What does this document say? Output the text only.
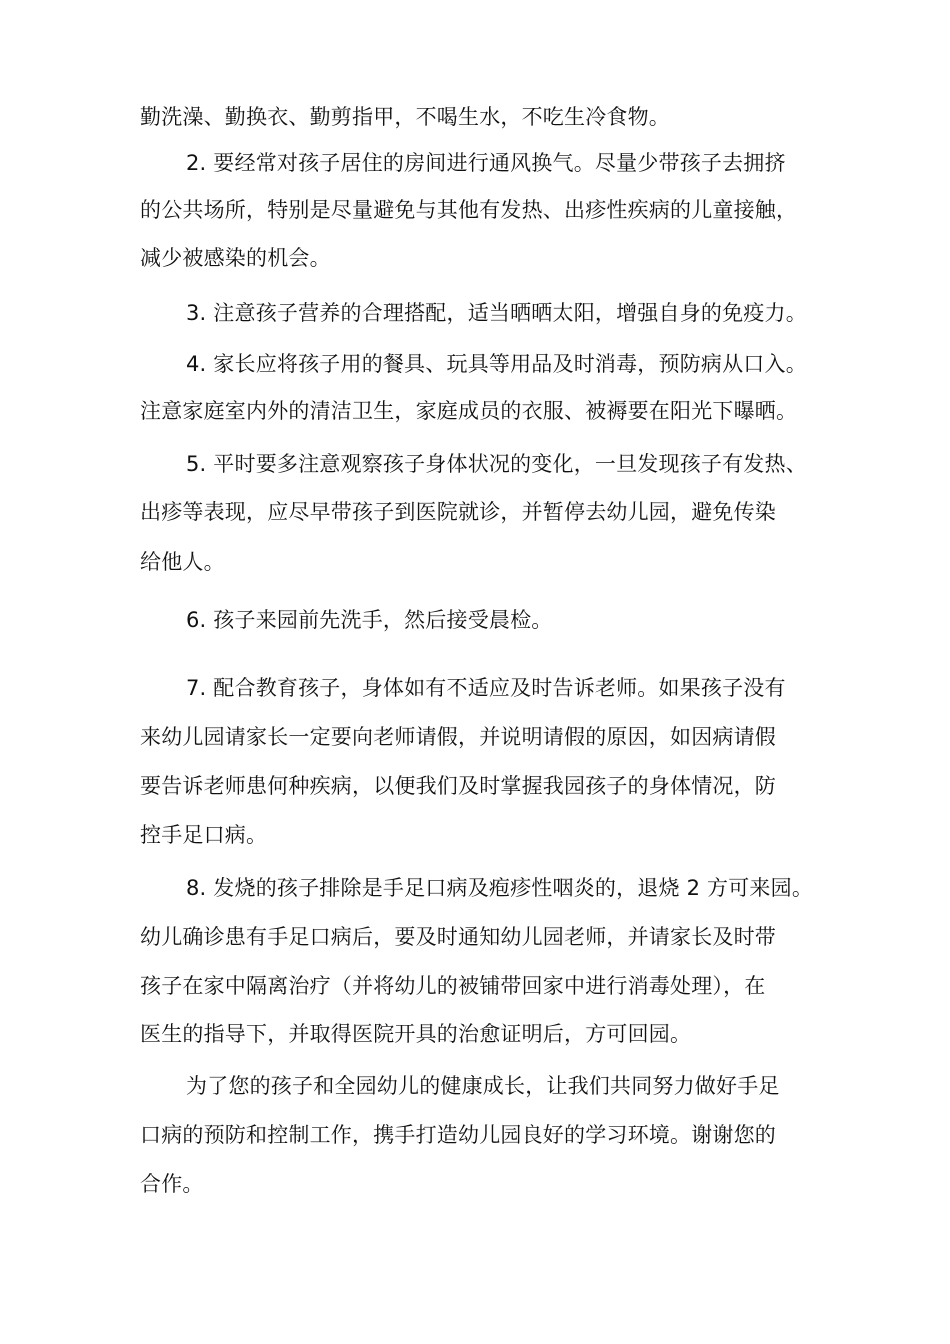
勤洗澡、勤换衣、勤剪指甲，不喝生水，不吃生冷食物。
2. 要经常对孩子居住的房间进行通风换气。尽量少带孩子去拥挤
的公共场所，特别是尽量避免与其他有发热、出疹性疾病的儿童接触，
减少被感染的机会。
3. 注意孩子营养的合理搭配，适当晒晒太阳，增强自身的免疫力。
4. 家长应将孩子用的餐具、玩具等用品及时消毒，预防病从口入。
注意家庭室内外的清洁卫生，家庭成员的衣服、被褥要在阳光下曝晒。
5. 平时要多注意观察孩子身体状况的变化，一旦发现孩子有发热、
出疹等表现，应尽早带孩子到医院就诊，并暂停去幼儿园，避免传染
给他人。
6. 孩子来园前先洗手，然后接受晨检。
7. 配合教育孩子，身体如有不适应及时告诉老师。如果孩子没有
来幼儿园请家长一定要向老师请假，并说明请假的原因，如因病请假
要告诉老师患何种疾病，以便我们及时掌握我园孩子的身体情况，防
控手足口病。
8. 发烧的孩子排除是手足口病及疱疹性咽炎的，退烧 2 方可来园。
幼儿确诊患有手足口病后，要及时通知幼儿园老师，并请家长及时带
孩子在家中隔离治疗（并将幼儿的被铺带回家中进行消毒处理），在
医生的指导下，并取得医院开具的治愈证明后，方可回园。
为了您的孩子和全园幼儿的健康成长，让我们共同努力做好手足
口病的预防和控制工作，携手打造幼儿园良好的学习环境。谢谢您的
合作。
